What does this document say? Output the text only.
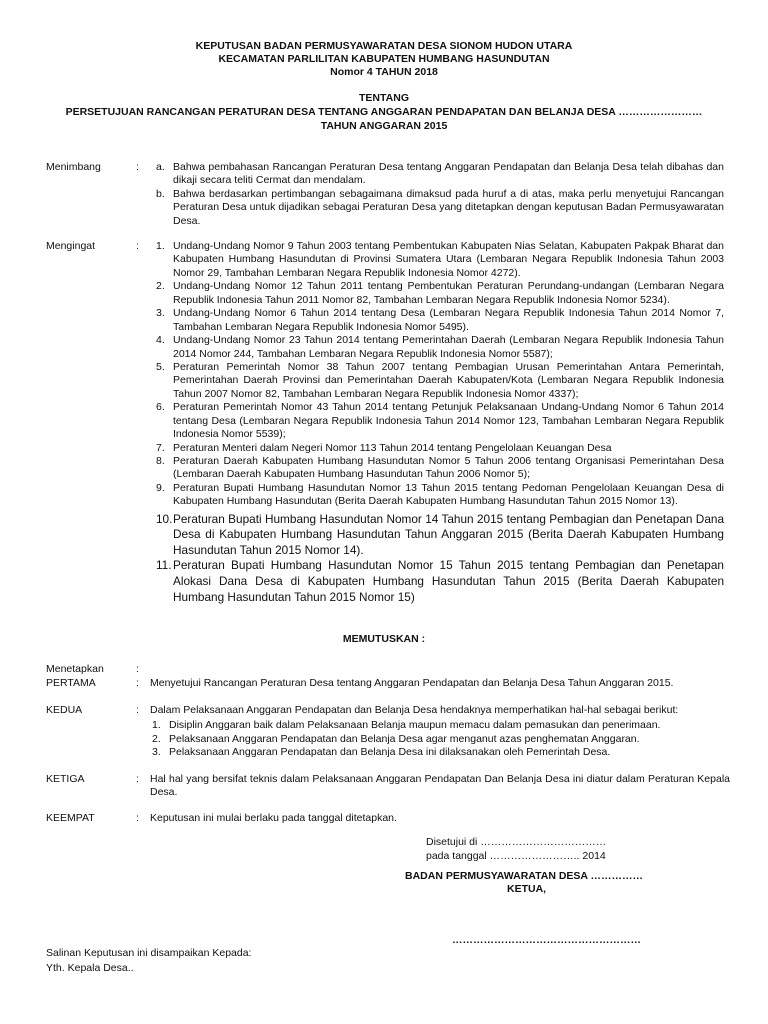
KEPUTUSAN BADAN PERMUSYAWARATAN DESA SIONOM HUDON UTARA
KECAMATAN PARLILITAN KABUPATEN HUMBANG HASUNDUTAN
Nomor 4 TAHUN 2018
TENTANG
PERSETUJUAN RANCANGAN PERATURAN DESA TENTANG ANGGARAN PENDAPATAN DAN BELANJA DESA ……………………
TAHUN ANGGARAN 2015
Menimbang	: a. Bahwa pembahasan Rancangan Peraturan Desa tentang Anggaran Pendapatan dan Belanja Desa telah dibahas dan dikaji secara teliti Cermat dan mendalam.
b. Bahwa berdasarkan pertimbangan sebagaimana dimaksud pada huruf a di atas, maka perlu menyetujui Rancangan Peraturan Desa untuk dijadikan sebagai Peraturan Desa yang ditetapkan dengan keputusan Badan Permusyawaratan Desa.
Mengingat	: 1. Undang-Undang Nomor 9 Tahun 2003 tentang Pembentukan Kabupaten Nias Selatan, Kabupaten Pakpak Bharat dan Kabupaten Humbang Hasundutan di Provinsi Sumatera Utara (Lembaran Negara Republik Indonesia Tahun 2003 Nomor 29, Tambahan Lembaran Negara Republik Indonesia Nomor 4272).
2. Undang-Undang Nomor 12 Tahun 2011 tentang Pembentukan Peraturan Perundang-undangan (Lembaran Negara Republik Indonesia Tahun 2011 Nomor 82, Tambahan Lembaran Negara Republik Indonesia Nomor 5234).
3. Undang-Undang Nomor 6 Tahun 2014 tentang Desa (Lembaran Negara Republik Indonesia Tahun 2014 Nomor 7, Tambahan Lembaran Negara Republik Indonesia Nomor 5495).
4. Undang-Undang Nomor 23 Tahun 2014 tentang Pemerintahan Daerah (Lembaran Negara Republik Indonesia Tahun 2014 Nomor 244, Tambahan Lembaran Negara Republik Indonesia Nomor 5587);
5. Peraturan Pemerintah Nomor 38 Tahun 2007 tentang Pembagian Urusan Pemerintahan Antara Pemerintah, Pemerintahan Daerah Provinsi dan Pemerintahan Daerah Kabupaten/Kota (Lembaran Negara Republik Indonesia Tahun 2007 Nomor 82, Tambahan Lembaran Negara Republik Indonesia Nomor 4337);
6. Peraturan Pemerintah Nomor 43 Tahun 2014 tentang Petunjuk Pelaksanaan Undang-Undang Nomor 6 Tahun 2014 tentang Desa (Lembaran Negara Republik Indonesia Tahun 2014 Nomor 123, Tambahan Lembaran Negara Republik Indonesia Nomor 5539);
7. Peraturan Menteri dalam Negeri Nomor 113 Tahun 2014 tentang Pengelolaan Keuangan Desa
8. Peraturan Daerah Kabupaten Humbang Hasundutan Nomor 5 Tahun 2006 tentang Organisasi Pemerintahan Desa (Lembaran Daerah Kabupaten Humbang Hasundutan Tahun 2006 Nomor 5);
9. Peraturan Bupati Humbang Hasundutan Nomor 13 Tahun 2015 tentang Pedoman Pengelolaan Keuangan Desa di Kabupaten Humbang Hasundutan (Berita Daerah Kabupaten Humbang Hasundutan Tahun 2015 Nomor 13).
10. Peraturan Bupati Humbang Hasundutan Nomor 14 Tahun 2015 tentang Pembagian dan Penetapan Dana Desa di Kabupaten Humbang Hasundutan Tahun Anggaran 2015 (Berita Daerah Kabupaten Humbang Hasundutan Tahun 2015 Nomor 14).
11. Peraturan Bupati Humbang Hasundutan Nomor 15 Tahun 2015 tentang Pembagian dan Penetapan Alokasi Dana Desa di Kabupaten Humbang Hasundutan Tahun 2015 (Berita Daerah Kabupaten Humbang Hasundutan Tahun 2015 Nomor 15)
MEMUTUSKAN :
Menetapkan	:
PERTAMA	: Menyetujui Rancangan Peraturan Desa tentang Anggaran Pendapatan dan Belanja Desa Tahun Anggaran 2015.
KEDUA	: Dalam Pelaksanaan Anggaran Pendapatan dan Belanja Desa hendaknya memperhatikan hal-hal sebagai berikut:
1. Disiplin Anggaran baik dalam Pelaksanaan Belanja maupun memacu dalam pemasukan dan penerimaan.
2. Pelaksanaan Anggaran Pendapatan dan Belanja Desa agar menganut azas penghematan Anggaran.
3. Pelaksanaan Anggaran Pendapatan dan Belanja Desa ini dilaksanakan oleh Pemerintah Desa.
KETIGA	: Hal hal yang bersifat teknis dalam Pelaksanaan Anggaran Pendapatan Dan Belanja Desa ini diatur dalam Peraturan Kepala Desa.
KEEMPAT	: Keputusan ini mulai berlaku pada tanggal ditetapkan.
Disetujui di ………………………………
pada tanggal …………………….. 2014
BADAN PERMUSYAWARATAN DESA ……………
KETUA,
………………………………………………
Salinan Keputusan ini disampaikan Kepada:
Yth. Kepala Desa..
